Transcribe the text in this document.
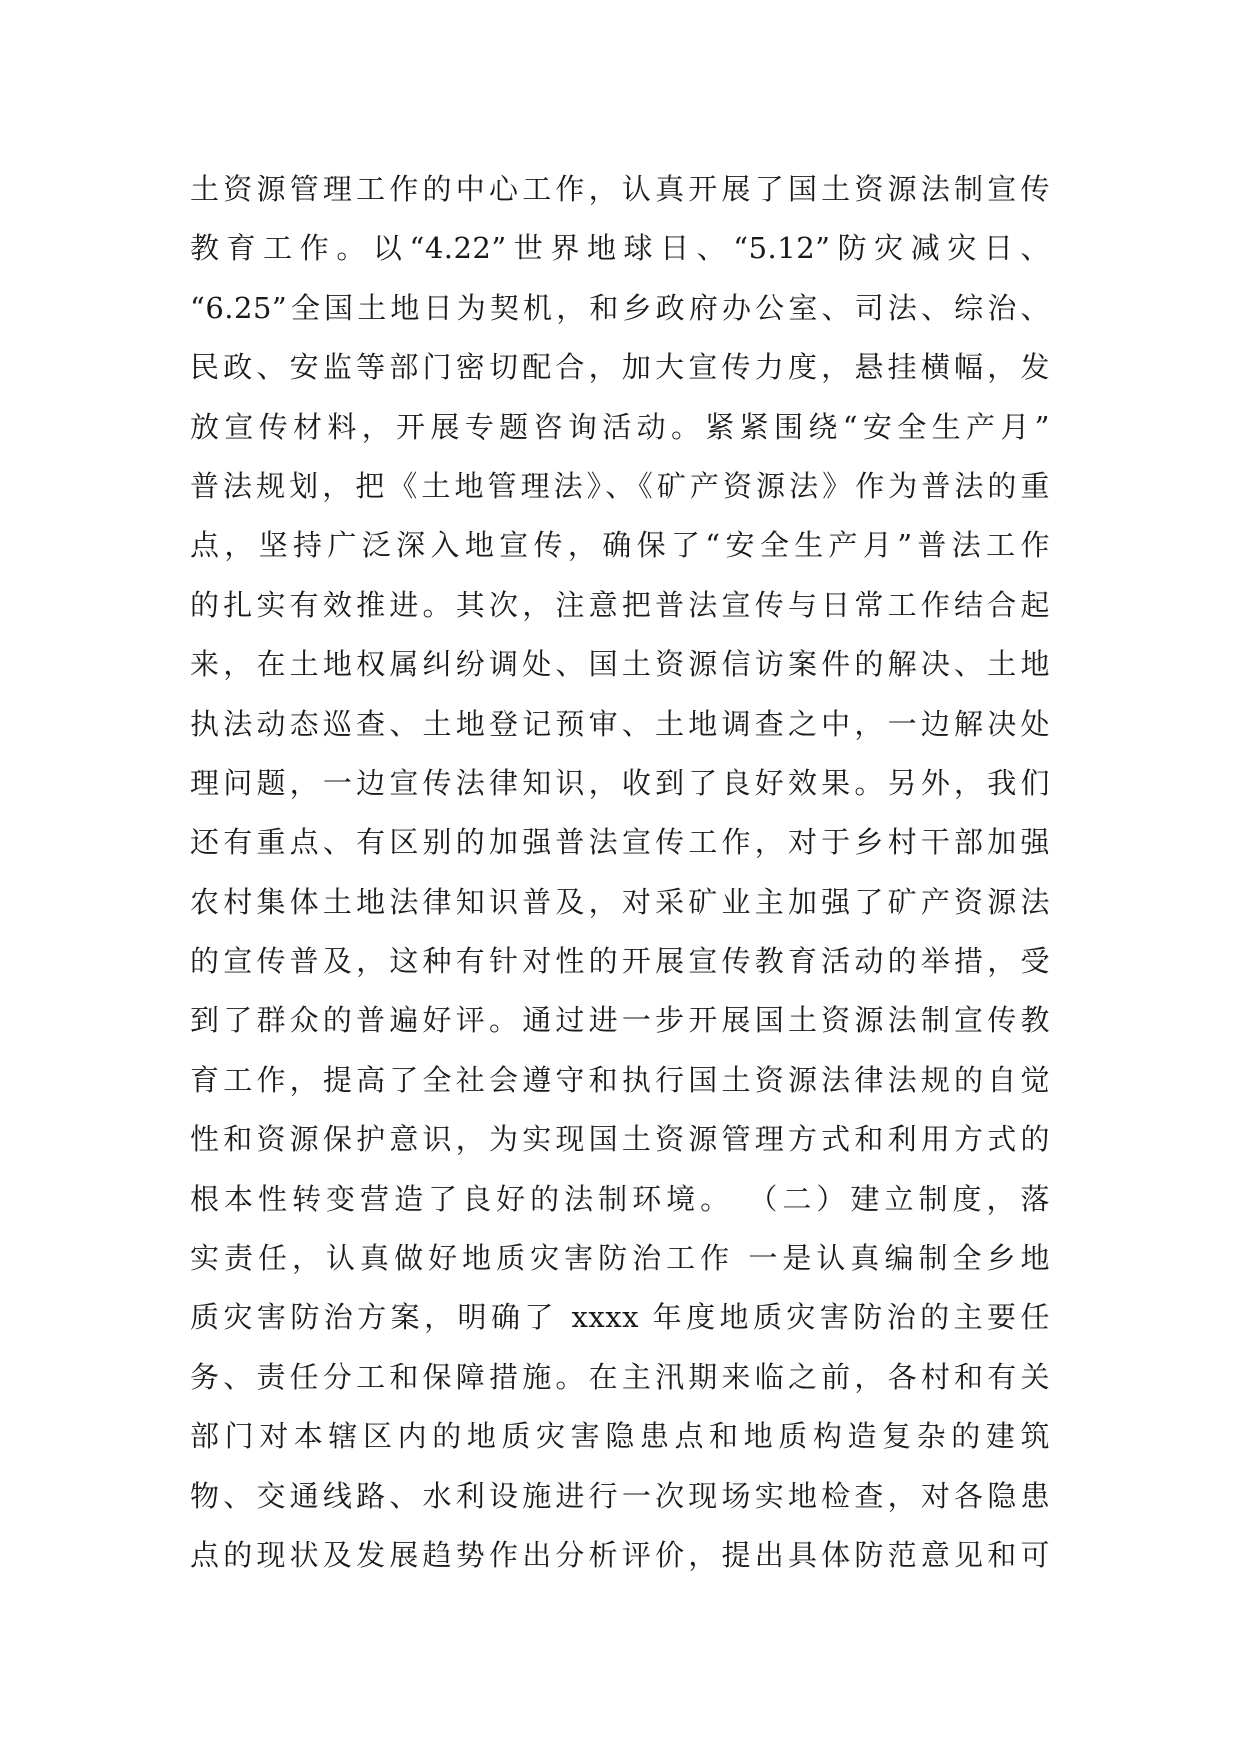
土资源管理工作的中心工作，认真开展了国土资源法制宣传
教育工作。以“4.22”世界地球日、“5.12”防灾减灾日、
“6.25”全国土地日为契机，和乡政府办公室、司法、综治、
民政、安监等部门密切配合，加大宣传力度，悬挂横幅，发
放宣传材料，开展专题咨询活动。紧紧围绕“安全生产月”
普法规划，把《土地管理法》、《矿产资源法》作为普法的重
点，坚持广泛深入地宣传，确保了“安全生产月”普法工作
的扎实有效推进。其次，注意把普法宣传与日常工作结合起
来，在土地权属纠纷调处、国土资源信访案件的解决、土地
执法动态巡查、土地登记预审、土地调查之中，一边解决处
理问题，一边宣传法律知识，收到了良好效果。另外，我们
还有重点、有区别的加强普法宣传工作，对于乡村干部加强
农村集体土地法律知识普及，对采矿业主加强了矿产资源法
的宣传普及，这种有针对性的开展宣传教育活动的举措，受
到了群众的普遍好评。通过进一步开展国土资源法制宣传教
育工作，提高了全社会遵守和执行国土资源法律法规的自觉
性和资源保护意识，为实现国土资源管理方式和利用方式的
根本性转变营造了良好的法制环境。 （二）建立制度，落
实责任，认真做好地质灾害防治工作 一是认真编制全乡地
质灾害防治方案，明确了 xxxx 年度地质灾害防治的主要任
务、责任分工和保障措施。在主汛期来临之前，各村和有关
部门对本辖区内的地质灾害隐患点和地质构造复杂的建筑
物、交通线路、水利设施进行一次现场实地检查，对各隐患
点的现状及发展趋势作出分析评价，提出具体防范意见和可
